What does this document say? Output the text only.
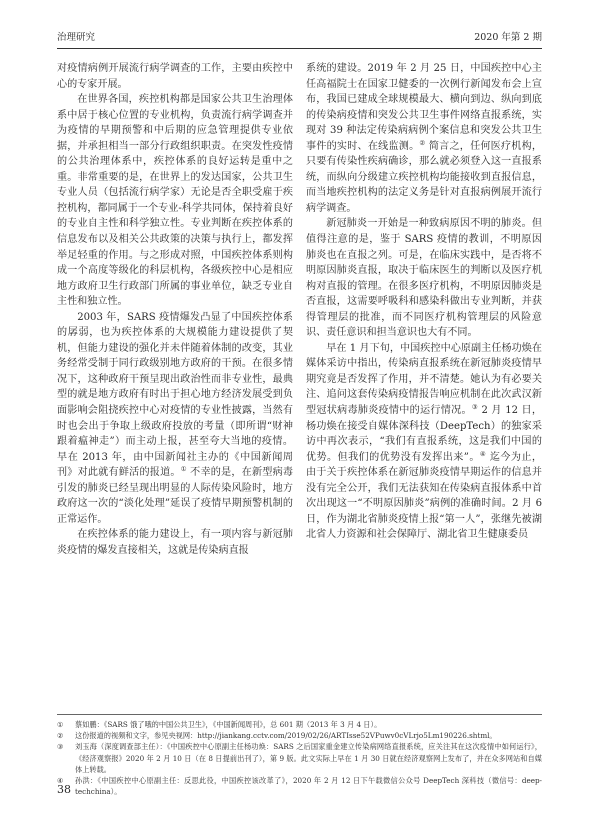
治理研究	2020 年第 2 期

对疫情病例开展流行病学调查的工作，主要由疾控中心的专家开展。

在世界各国，疾控机构都是国家公共卫生治理体系中居于核心位置的专业机构，负责流行病学调查并为疫情的早期预警和中后期的应急管理提供专业依据，并承担相当一部分行政组织职责。在突发性疫情的公共治理体系中，疾控体系的良好运转是重中之重。非常重要的是，在世界上的发达国家，公共卫生专业人员（包括流行病学家）无论是否全职受雇于疾控机构，都同属于一个专业-科学共同体，保持着良好的专业自主性和科学独立性。专业判断在疾控体系的信息发布以及相关公共政策的决策与执行上，都发挥举足轻重的作用。与之形成对照，中国疾控体系则构成一个高度等级化的科层机构，各级疾控中心是相应地方政府卫生行政部门所属的事业单位，缺乏专业自主性和独立性。

2003 年，SARS 疫情爆发凸显了中国疾控体系的孱弱，也为疾控体系的大规模能力建设提供了契机，但能力建设的强化并未伴随着体制的改变，其业务经常受制于同行政级别地方政府的干预。在很多情况下，这种政府干预呈现出政治性而非专业性，最典型的就是地方政府有时出于担心地方经济发展受到负面影响会阻挠疾控中心对疫情的专业性披露，当然有时也会出于争取上级政府投放的考量（即所谓“财神跟着瘟神走”）而主动上报，甚至夸大当地的疫情。早在 2013 年，由中国新闻社主办的《中国新闻周刊》对此就有鲜活的报道。① 不幸的是，在新型病毒引发的肺炎已经呈现出明显的人际传染风险时，地方政府这一次的“淡化处理”延误了疫情早期预警机制的正常运作。

在疾控体系的能力建设上，有一项内容与新冠肺炎疫情的爆发直接相关，这就是传染病直报

系统的建设。2019 年 2 月 25 日，中国疾控中心主任高福院士在国家卫健委的一次例行新闻发布会上宣布，我国已建成全球规模最大、横向到边、纵向到底的传染病疫情和突发公共卫生事件网络直报系统，实现对 39 种法定传染病病例个案信息和突发公共卫生事件的实时、在线监测。② 简言之，任何医疗机构，只要有传染性疾病确诊，那么就必须登入这一直报系统，而纵向分级建立疾控机构均能接收到直报信息，而当地疾控机构的法定义务是针对直报病例展开流行病学调查。

新冠肺炎一开始是一种致病原因不明的肺炎。但值得注意的是，鉴于 SARS 疫情的教训，不明原因肺炎也在直报之列。可是，在临床实践中，是否将不明原因肺炎直报，取决于临床医生的判断以及医疗机构对直报的管理。在很多医疗机构，不明原因肺炎是否直报，这需要呼吸科和感染科做出专业判断，并获得管理层的批准，而不同医疗机构管理层的风险意识、责任意识和担当意识也大有不同。

早在 1 月下旬，中国疾控中心原副主任杨功焕在媒体采访中指出，传染病直报系统在新冠肺炎疫情早期究竟是否发挥了作用，并不清楚。她认为有必要关注、追问这套传染病疫情报告响应机制在此次武汉新型冠状病毒肺炎疫情中的运行情况。③ 2 月 12 日，杨功焕在接受自媒体深科技（DeepTech）的独家采访中再次表示，“我们有直报系统，这是我们中国的优势。但我们的优势没有发挥出来”。④ 迄今为止，由于关于疾控体系在新冠肺炎疫情早期运作的信息并没有完全公开，我们无法获知在传染病直报体系中首次出现这一“不明原因肺炎”病例的准确时间。2 月 6 日，作为湖北省肺炎疫情上报“第一人”，张继先被湖北省人力资源和社会保障厅、湖北省卫生健康委员

① 蔡如鹏：《SARS 饿了哦的中国公共卫生》，《中国新闻周刊》，总 601 期（2013 年 3 月 4 日）。

② 这份报道的视频和文字，参见央视网：http://jiankang.cctv.com/2019/02/26/ARTIsse52VPuwv0cVLrjo5Lm190226.shtml。

③ 刘玉海（深度调查部主任）：《中国疾控中心原副主任杨功焕：SARS 之后国家重金建立传染病网络直报系统，应关注其在这次疫情中如何运行》，《经济观察报》2020 年 2 月 10 日（在 8 日提前出刊了），第 9 版。此文实际上早在 1 月 30 日就在经济观察网上发布了，并在众多网站和自媒体上转载。

④ 孙洪：《中国疾控中心原副主任：反思此役，中国疾控该改革了》，2020 年 2 月 12 日下午载微信公众号 DeepTech 深科技（微信号：deep-techchina）。

38
